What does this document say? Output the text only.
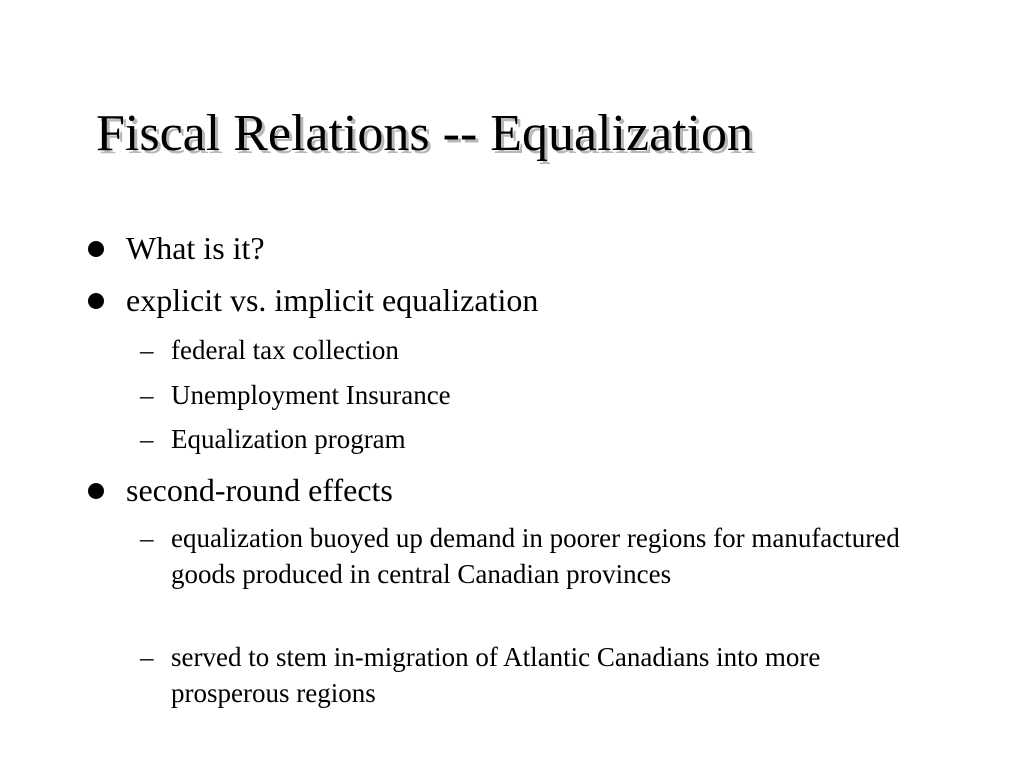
Fiscal Relations -- Equalization
What is it?
explicit vs. implicit equalization
– federal tax collection
– Unemployment Insurance
– Equalization program
second-round effects
– equalization buoyed up demand in poorer regions for manufactured goods produced in central Canadian provinces
– served to stem in-migration of Atlantic Canadians into more prosperous regions
